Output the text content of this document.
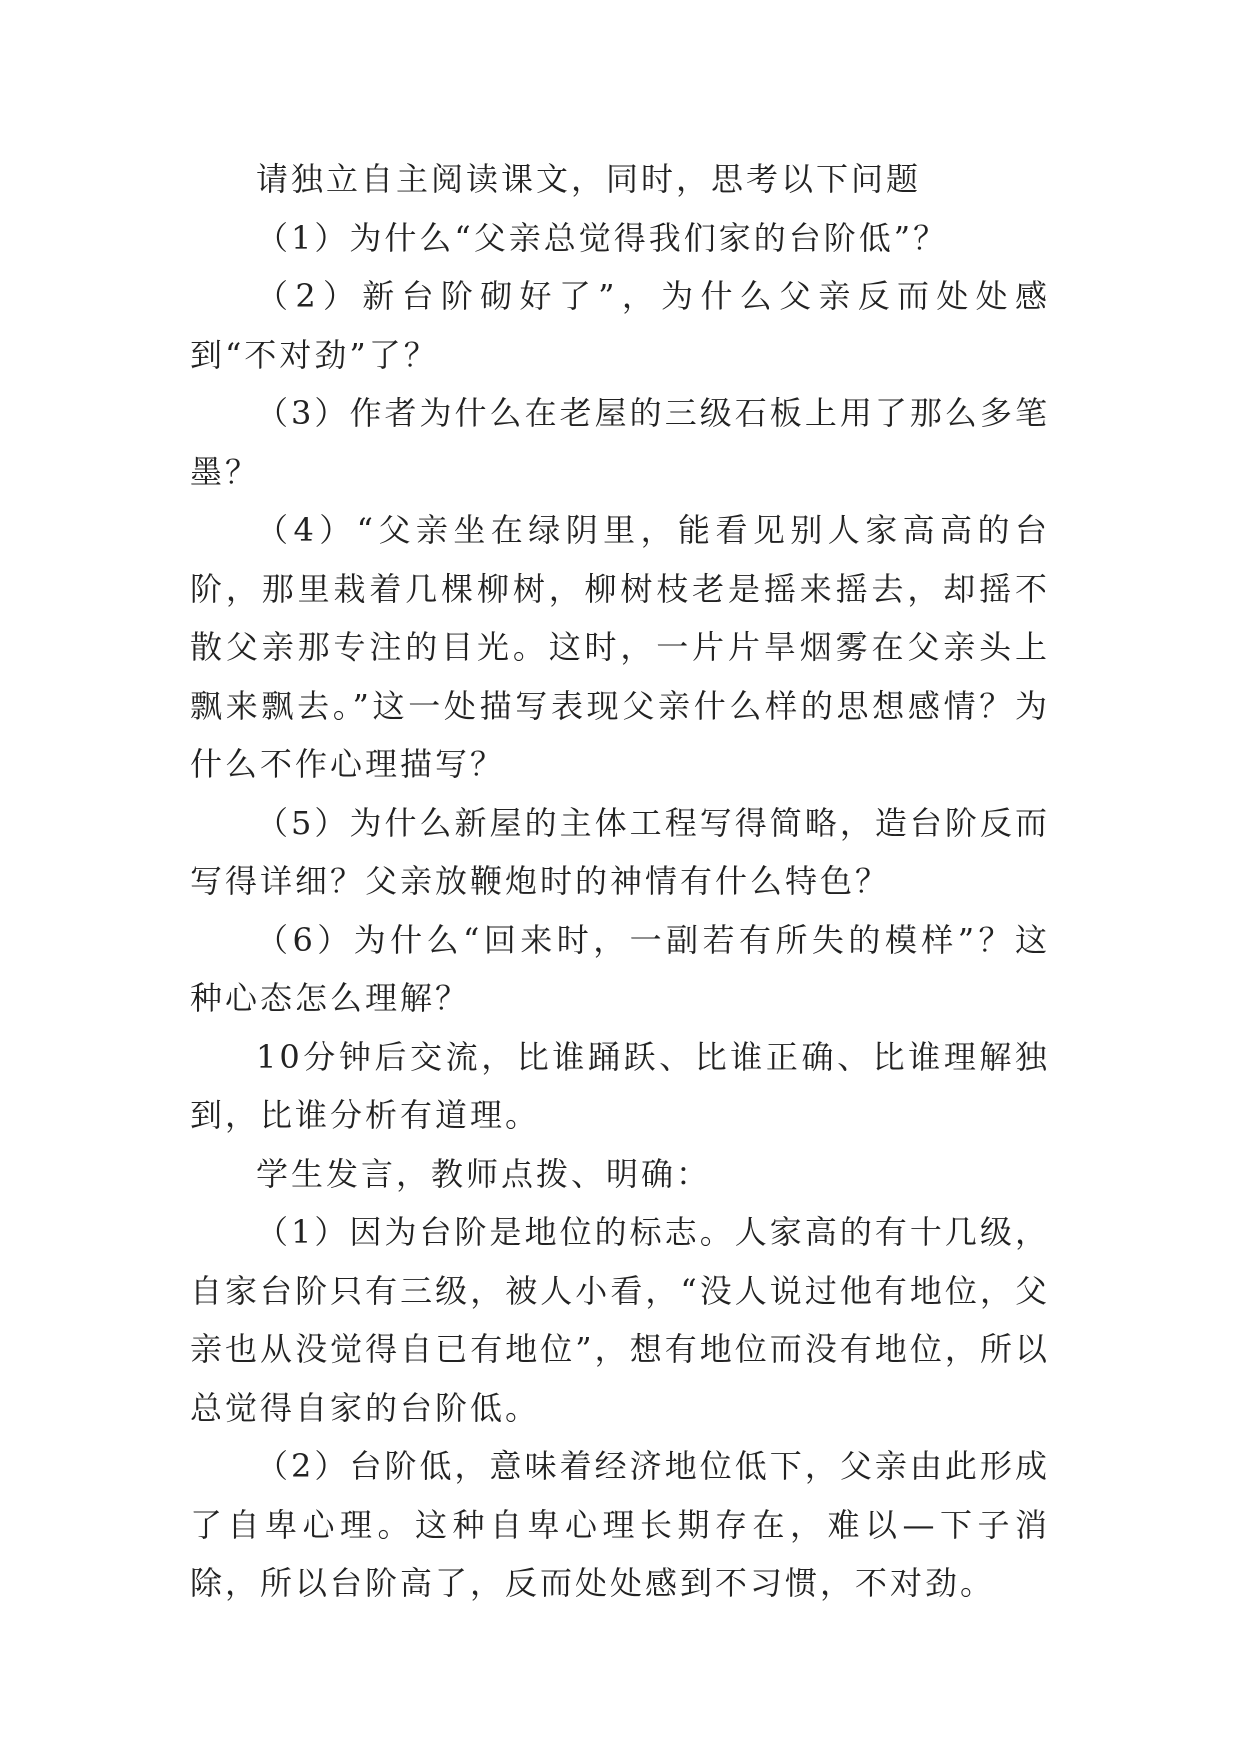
请独立自主阅读课文，同时，思考以下问题

（1）为什么“父亲总觉得我们家的台阶低”？

（2）新台阶砌好了”，为什么父亲反而处处感到“不对劲”了？

（3）作者为什么在老屋的三级石板上用了那么多笔墨？

（4）“父亲坐在绿阴里，能看见别人家高高的台阶，那里栽着几棵柳树，柳树枝老是摇来摇去，却摇不散父亲那专注的目光。这时，一片片旱烟雾在父亲头上飘来飘去。”这一处描写表现父亲什么样的思想感情？为什么不作心理描写？

（5）为什么新屋的主体工程写得简略，造台阶反而写得详细？父亲放鞭炮时的神情有什么特色？

（6）为什么“回来时，一副若有所失的模样”？这种心态怎么理解？

10分钟后交流，比谁踊跃、比谁正确、比谁理解独到，比谁分析有道理。

学生发言，教师点拨、明确：

（1）因为台阶是地位的标志。人家高的有十几级，自家台阶只有三级，被人小看，“没人说过他有地位，父亲也从没觉得自已有地位”，想有地位而没有地位，所以总觉得自家的台阶低。

（2）台阶低，意味着经济地位低下，父亲由此形成了自卑心理。这种自卑心理长期存在，难以—下子消除，所以台阶高了，反而处处感到不习惯，不对劲。
